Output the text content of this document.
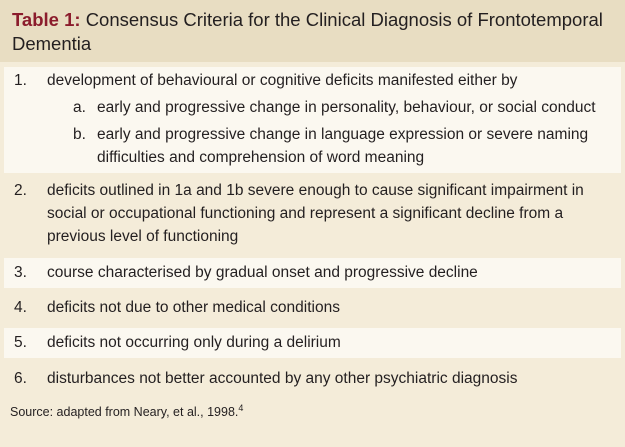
Table 1: Consensus Criteria for the Clinical Diagnosis of Frontotemporal Dementia
1. development of behavioural or cognitive deficits manifested either by
a. early and progressive change in personality, behaviour, or social conduct
b. early and progressive change in language expression or severe naming difficulties and comprehension of word meaning
2. deficits outlined in 1a and 1b severe enough to cause significant impairment in social or occupational functioning and represent a significant decline from a previous level of functioning
3. course characterised by gradual onset and progressive decline
4. deficits not due to other medical conditions
5. deficits not occurring only during a delirium
6. disturbances not better accounted by any other psychiatric diagnosis
Source: adapted from Neary, et al., 1998.$^4$
